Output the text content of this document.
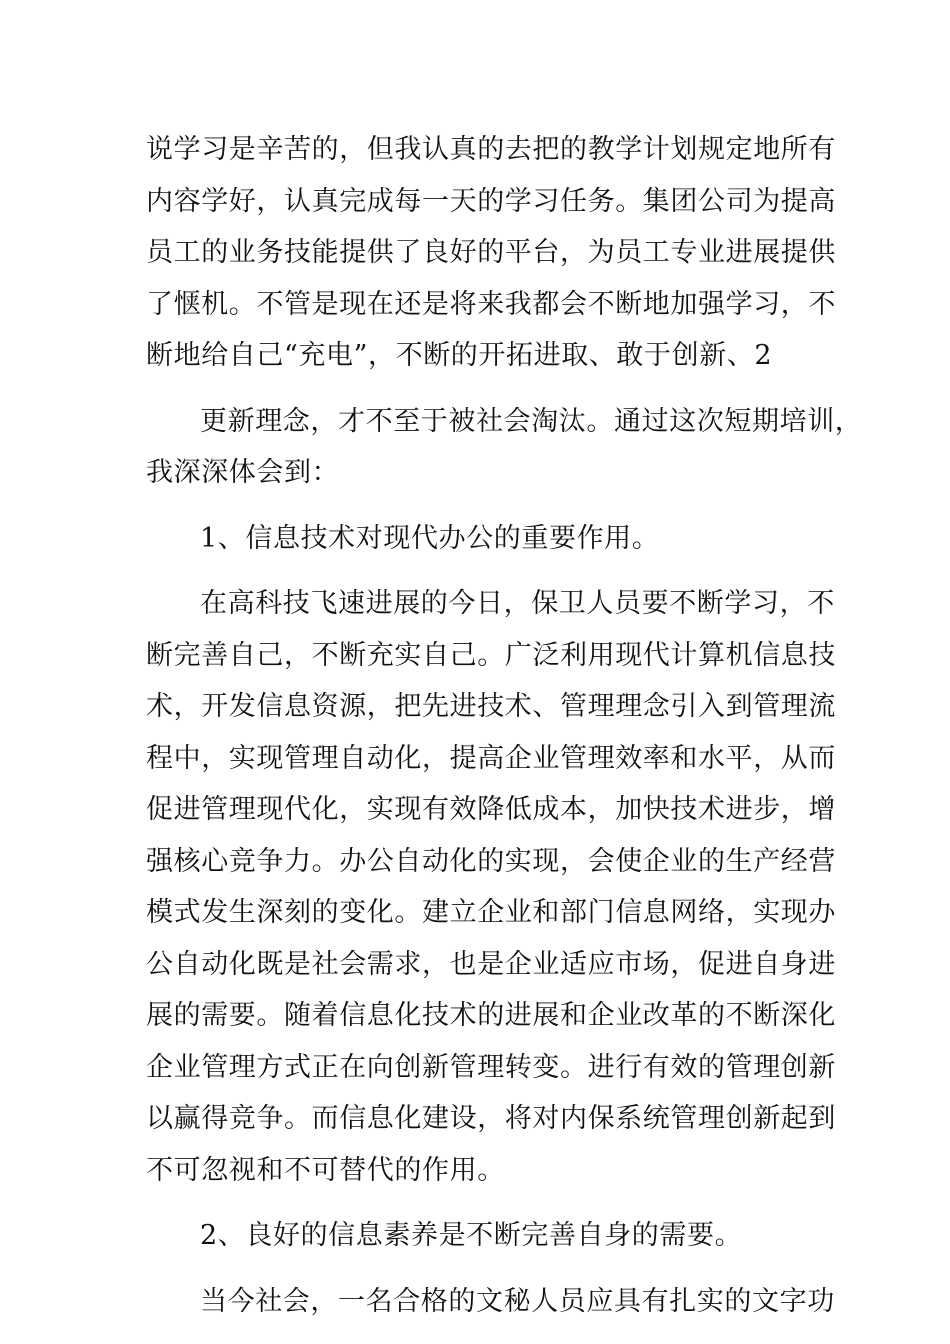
说学习是辛苦的，但我认真的去把的教学计划规定地所有
内容学好，认真完成每一天的学习任务。集团公司为提高
员工的业务技能提供了良好的平台，为员工专业进展提供
了惬机。不管是现在还是将来我都会不断地加强学习，不
断地给自己“充电”，不断的开拓进取、敢于创新、2
更新理念，才不至于被社会淘汰。通过这次短期培训，
我深深体会到：
1、信息技术对现代办公的重要作用。
在高科技飞速进展的今日，保卫人员要不断学习，不
断完善自己，不断充实自己。广泛利用现代计算机信息技
术，开发信息资源，把先进技术、管理理念引入到管理流
程中，实现管理自动化，提高企业管理效率和水平，从而
促进管理现代化，实现有效降低成本，加快技术进步，增
强核心竞争力。办公自动化的实现，会使企业的生产经营
模式发生深刻的变化。建立企业和部门信息网络，实现办
公自动化既是社会需求，也是企业适应市场，促进自身进
展的需要。随着信息化技术的进展和企业改革的不断深化
企业管理方式正在向创新管理转变。进行有效的管理创新
以赢得竞争。而信息化建设，将对内保系统管理创新起到
不可忽视和不可替代的作用。
2、良好的信息素养是不断完善自身的需要。
当今社会，一名合格的文秘人员应具有扎实的文字功
